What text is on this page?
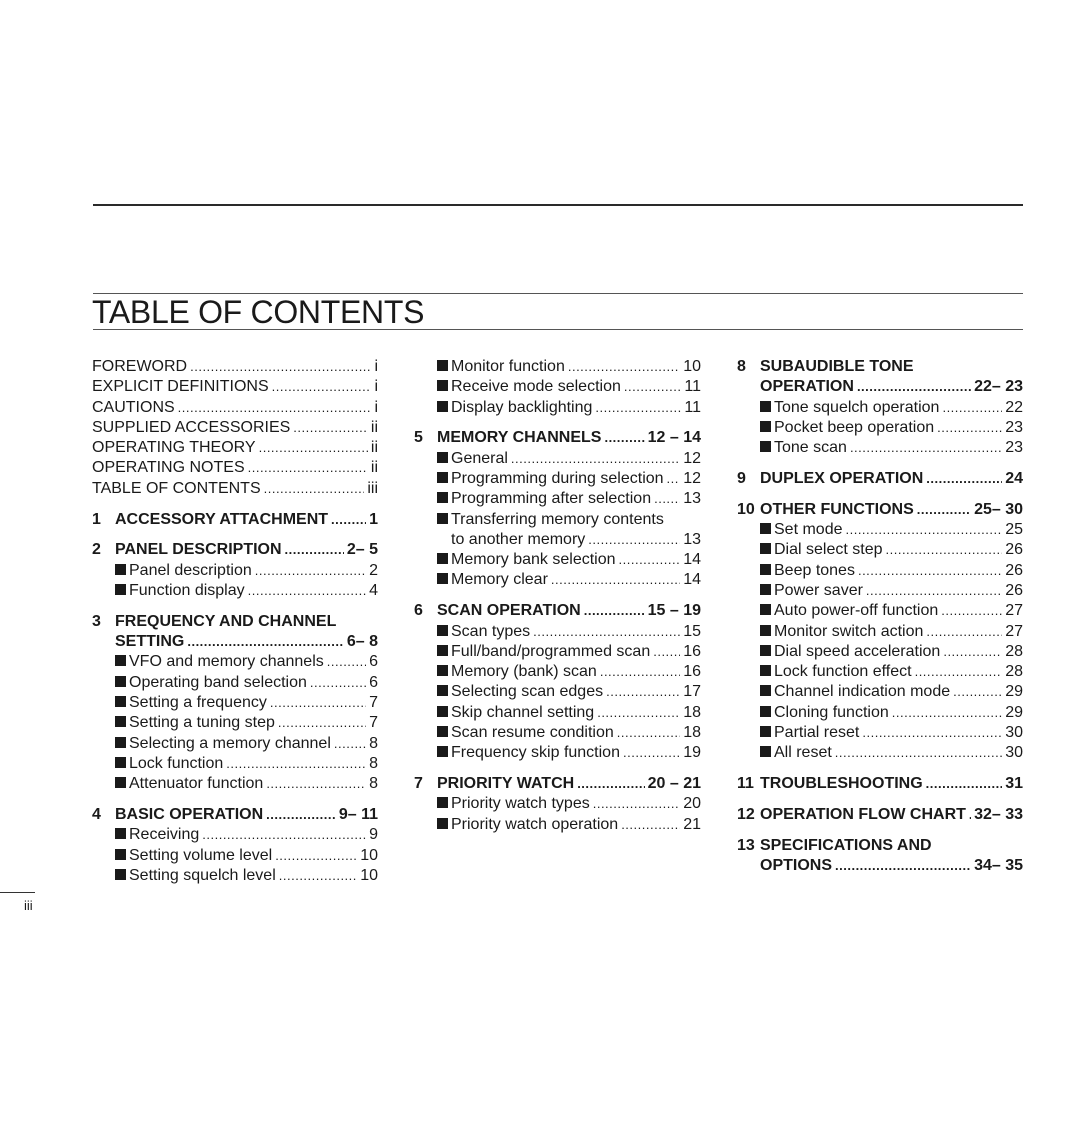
TABLE OF CONTENTS
FOREWORD .....	i
EXPLICIT DEFINITIONS .....	i
CAUTIONS .....	i
SUPPLIED ACCESSORIES .....	ii
OPERATING THEORY .....	ii
OPERATING NOTES .....	ii
TABLE OF CONTENTS .....	iii
1 ACCESSORY ATTACHMENT .....	1
2 PANEL DESCRIPTION .....	2– 5
Panel description .....	2
Function display .....	4
3 FREQUENCY AND CHANNEL
SETTING .....	6– 8
VFO and memory channels .....	6
Operating band selection .....	6
Setting a frequency .....	7
Setting a tuning step .....	7
Selecting a memory channel ..... 8
Lock function .....	8
Attenuator function .....	8
4 BASIC OPERATION .....	9– 11
Receiving .....	9
Setting volume level .....	10
Setting squelch level .....	10
Monitor function .....	10
Receive mode selection .....	11
Display backlighting .....	11
5 MEMORY CHANNELS .....	12 – 14
General .....	12
Programming during selection ..... 12
Programming after selection ..... 13
Transferring memory contents
to another memory .....	13
Memory bank selection .....	14
Memory clear .....	14
6 SCAN OPERATION .....	15 – 19
Scan types .....	15
Full/band/programmed scan ..... 16
Memory (bank) scan .....	16
Selecting scan edges .....	17
Skip channel setting .....	18
Scan resume condition .....	18
Frequency skip function .....	19
7 PRIORITY WATCH .....	20 – 21
Priority watch types .....	20
Priority watch operation .....	21
8 SUBAUDIBLE TONE
OPERATION .....	22– 23
Tone squelch operation .....	22
Pocket beep operation .....	23
Tone scan .....	23
9 DUPLEX OPERATION .....	24
10 OTHER FUNCTIONS .....	25– 30
Set mode .....	25
Dial select step .....	26
Beep tones .....	26
Power saver .....	26
Auto power-off function .....	27
Monitor switch action .....	27
Dial speed acceleration .....	28
Lock function effect .....	28
Channel indication mode .....	29
Cloning function .....	29
Partial reset .....	30
All reset .....	30
11 TROUBLESHOOTING .....	31
12 OPERATION FLOW CHART ..... 32– 33
13 SPECIFICATIONS AND
OPTIONS .....	34– 35
iii
